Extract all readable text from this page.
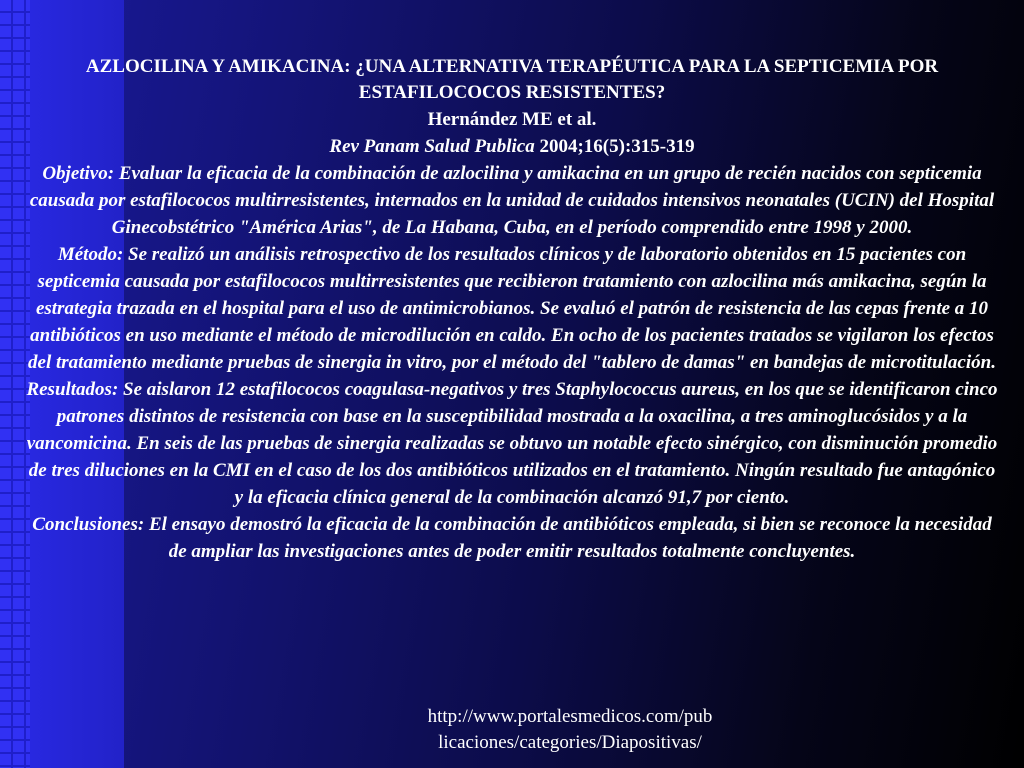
AZLOCILINA Y AMIKACINA: ¿UNA ALTERNATIVA TERAPÉUTICA PARA LA SEPTICEMIA POR ESTAFILOCOCOS RESISTENTES?

Hernández ME et al.

Rev Panam Salud Publica 2004;16(5):315-319

Objetivo: Evaluar la eficacia de la combinación de azlocilina y amikacina en un grupo de recién nacidos con septicemia causada por estafilococos multirresistentes, internados en la unidad de cuidados intensivos neonatales (UCIN) del Hospital Ginecobstétrico "América Arias", de La Habana, Cuba, en el período comprendido entre 1998 y 2000.

Método: Se realizó un análisis retrospectivo de los resultados clínicos y de laboratorio obtenidos en 15 pacientes con septicemia causada por estafilococos multirresistentes que recibieron tratamiento con azlocilina más amikacina, según la estrategia trazada en el hospital para el uso de antimicrobianos. Se evaluó el patrón de resistencia de las cepas frente a 10 antibióticos en uso mediante el método de microdilución en caldo. En ocho de los pacientes tratados se vigilaron los efectos del tratamiento mediante pruebas de sinergia in vitro, por el método del "tablero de damas" en bandejas de microtitulación.

Resultados: Se aislaron 12 estafilococos coagulasa-negativos y tres Staphylococcus aureus, en los que se identificaron cinco patrones distintos de resistencia con base en la susceptibilidad mostrada a la oxacilina, a tres aminoglucósidos y a la vancomicina. En seis de las pruebas de sinergia realizadas se obtuvo un notable efecto sinérgico, con disminución promedio de tres diluciones en la CMI en el caso de los dos antibióticos utilizados en el tratamiento. Ningún resultado fue antagónico y la eficacia clínica general de la combinación alcanzó 91,7 por ciento.

Conclusiones: El ensayo demostró la eficacia de la combinación de antibióticos empleada, si bien se reconoce la necesidad de ampliar las investigaciones antes de poder emitir resultados totalmente concluyentes.

http://www.portalesmedicos.com/pub
licaciones/categories/Diapositivas/
